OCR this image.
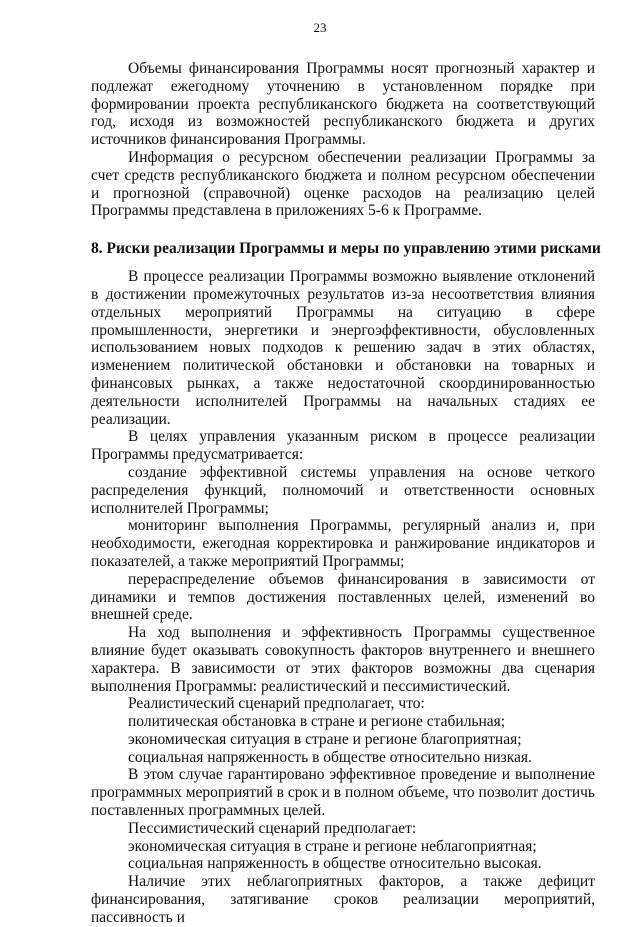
23

Объемы финансирования Программы носят прогнозный характер и подлежат ежегодному уточнению в установленном порядке при формировании проекта республиканского бюджета на соответствующий год, исходя из возможностей республиканского бюджета и других источников финансирования Программы.

Информация о ресурсном обеспечении реализации Программы за счет средств республиканского бюджета и полном ресурсном обеспечении и прогнозной (справочной) оценке расходов на реализацию целей Программы представлена в приложениях 5-6 к Программе.

8. Риски реализации Программы и меры по управлению этими рисками

В процессе реализации Программы возможно выявление отклонений в достижении промежуточных результатов из-за несоответствия влияния отдельных мероприятий Программы на ситуацию в сфере промышленности, энергетики и энергоэффективности, обусловленных использованием новых подходов к решению задач в этих областях, изменением политической обстановки и обстановки на товарных и финансовых рынках, а также недостаточной скоординированностью деятельности исполнителей Программы на начальных стадиях ее реализации.

В целях управления указанным риском в процессе реализации Программы предусматривается:

создание эффективной системы управления на основе четкого распределения функций, полномочий и ответственности основных исполнителей Программы;

мониторинг выполнения Программы, регулярный анализ и, при необходимости, ежегодная корректировка и ранжирование индикаторов и показателей, а также мероприятий Программы;

перераспределение объемов финансирования в зависимости от динамики и темпов достижения поставленных целей, изменений во внешней среде.

На ход выполнения и эффективность Программы существенное влияние будет оказывать совокупность факторов внутреннего и внешнего характера. В зависимости от этих факторов возможны два сценария выполнения Программы: реалистический и пессимистический.

Реалистический сценарий предполагает, что:

политическая обстановка в стране и регионе стабильная;

экономическая ситуация в стране и регионе благоприятная;

социальная напряженность в обществе относительно низкая.

В этом случае гарантировано эффективное проведение и выполнение программных мероприятий в срок и в полном объеме, что позволит достичь поставленных программных целей.

Пессимистический сценарий предполагает:

экономическая ситуация в стране и регионе неблагоприятная;

социальная напряженность в обществе относительно высокая.

Наличие этих неблагоприятных факторов, а также дефицит финансирования, затягивание сроков реализации мероприятий, пассивность и
